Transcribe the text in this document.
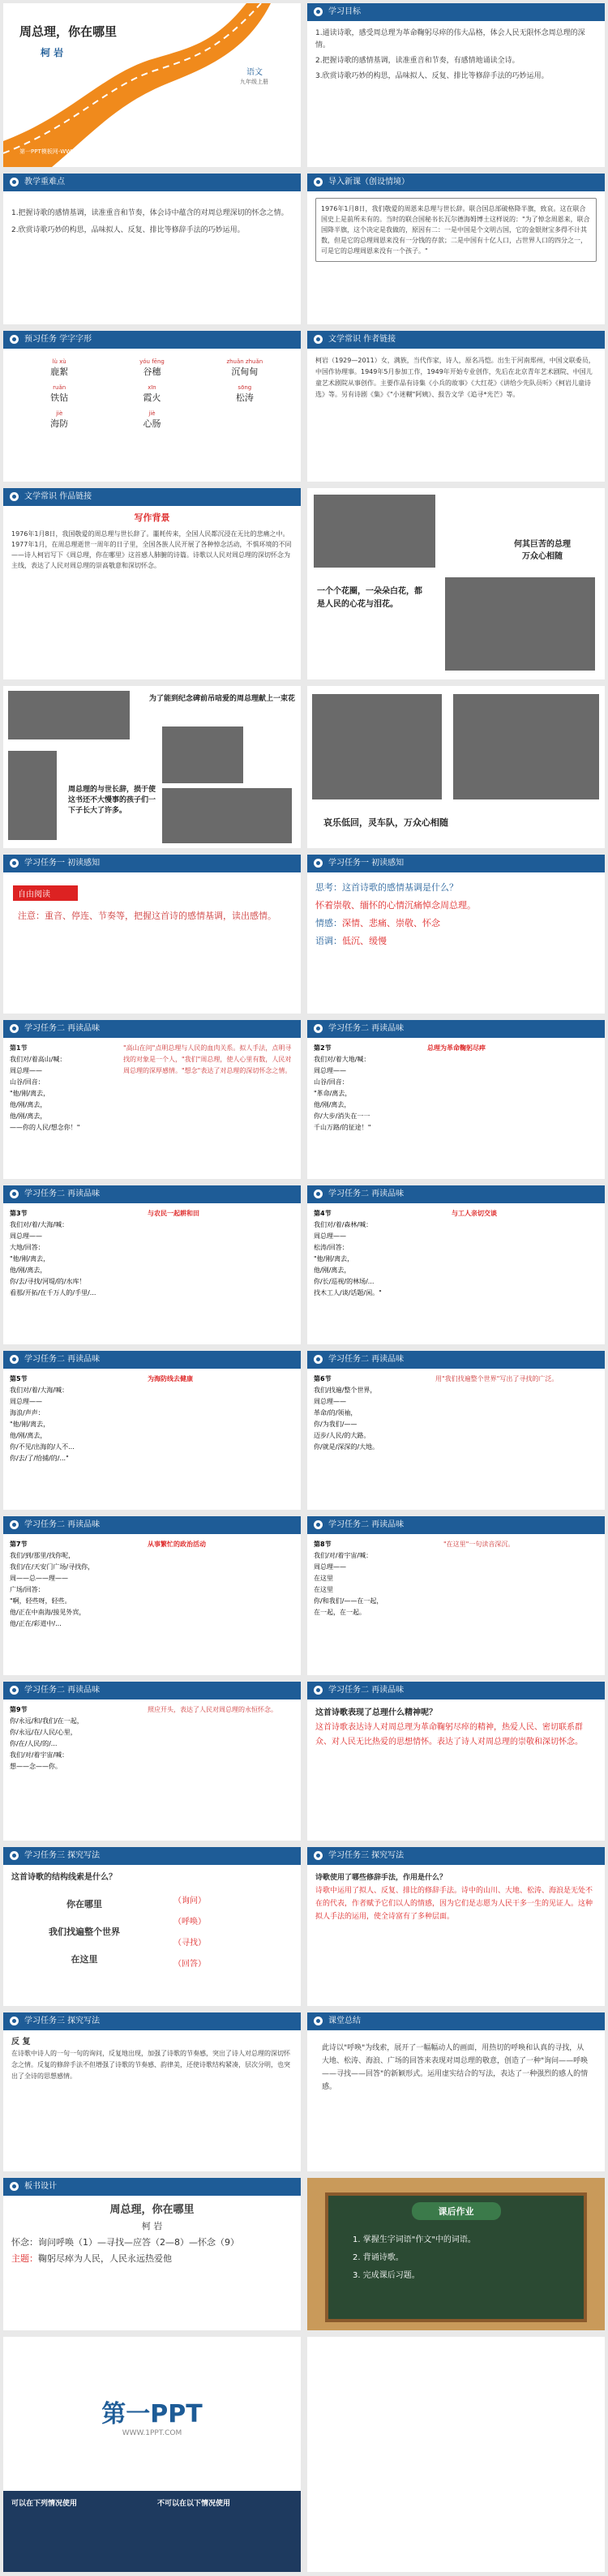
周总理，你在哪里
柯 岩
语文
九年级上册
第一PPT模板网-WWW.1PPT.COM
学习目标

1.通读诗歌，感受周总理为革命鞠躬尽瘁的伟大品格，体会人民无限怀念周总理的深情。

2.把握诗歌的感情基调，读准重音和节奏，有感情地诵读全诗。

3.欣赏诗歌巧妙的构思，品味拟人、反复、排比等修辞手法的巧妙运用。

教学重难点

1.把握诗歌的感情基调，读准重音和节奏，体会诗中蕴含的对周总理深切的怀念之情。

2.欣赏诗歌巧妙的构思，品味拟人、反复、排比等修辞手法的巧妙运用。

导入新课（创设情境）

1976年1月8日，我们敬爱的周恩来总理与世长辞。联合国总部破格降半旗，致哀。这在联合国史上是前所未有的。当时的联合国秘书长瓦尔德海姆博士这样说的："为了悼念周恩来，联合国降半旗，这个决定是我做的，原因有二：一是中国是个文明古国，它的金银财宝多得不计其数，但是它的总理周恩来没有一分钱的存款；二是中国有十亿人口，占世界人口的四分之一，可是它的总理周恩来没有一个孩子。"

预习任务 学字字形
lù xù
鹿絮
yóu fēng
谷穗
zhuǎn zhuǎn
沉甸甸
ruǎn
铁钻
xīn
霞火
sōng
松涛
jiè
海防
jiè
心肠
文学常识 作者链接

柯岩（1929—2011）女，满族，当代作家，诗人，原名冯恺。出生于河南郑州，中国文联委员，中国作协理事。1949年5月参加工作，1949年开始专业创作，先后在北京青年艺术剧院、中国儿童艺术剧院从事创作。主要作品有诗集《小兵的故事》《大红花》《讲给少先队员听》《柯岩儿童诗选》等。另有诗剧《集》《"小迷糊"阿姨》、报告文学《追寻*光芒》等。

文学常识 作品链接
写作背景
1976年1月8日，我国敬爱的周总理与世长辞了。噩耗传来，全国人民都沉浸在无比的悲痛之中。1977年1月，在周总理逝世一周年的日子里，全国各族人民开展了各种悼念活动，不惧环境的不同——诗人柯岩写下《周总理，你在哪里》这首感人肺腑的诗篇。诗歌以人民对周总理的深切怀念为主线，表达了人民对周总理的崇高敬意和深切怀念。
何其巨苦的总理
万众心相随
一个个花圈，一朵朵白花，都是人民的心花与泪花。
为了能到纪念碑前吊唁爱的周总理献上一束花
周总理的与世长辞，损于使这书还不大慢事的孩子们一下子长大了许多。
哀乐低回，灵车队，万众心相随
学习任务一 初读感知
自由阅读
注意：重音、停连、节奏等，把握这首诗的感情基调，读出感情。
学习任务一 初读感知

思考：这首诗歌的感情基调是什么？

怀着崇敬、缅怀的心情沉痛悼念周总理。

情感：深情、悲痛、崇敬、怀念

语调：低沉、缓慢

学习任务二 再读品味
第1节
我们对/着高山/喊：
周总理——
山谷/回音：
"他/刚/离去，
他/刚/离去，
他/刚/离去，
——你的人民/想念你！"
"高山在问"点明总理与人民的血肉关系。拟人手法，点明寻找的对象是一个人，"我们"周总理，使人心里有数，人民对周总理的深厚感情。"想念"表达了对总理的深切怀念之情。
学习任务二 再读品味
第2节
我们对/着大地/喊：
周总理——
山谷/回音：
"革命/离去，
他/刚/离去，
你/大步/消失在一一
千山万路/的征途！"
总理为革命鞠躬尽瘁
学习任务二 再读品味
第3节
我们对/着/大海/喊：
周总理——
大地/回答：
"他/刚/离去，
他/刚/离去，
你/去/寻找/河堤/的/水库！
看那/开拓/在千万人的/手里/...
与农民一起耕和田
学习任务二 再读品味
第4节
我们对/着/森林/喊：
周总理——
松涛/回答：
"他/刚/离去，
他/刚/离去，
你/长/巡视/的林场/...
找木工人/谈/话题/闲。"
与工人亲切交谈
学习任务二 再读品味
第5节
我们对/着/大海/喊：
周总理——
海浪/声声：
"他/刚/离去，
他/刚/离去，
你/不见/出海的/人不...
你/去/了/给捕/的/..."
为海防线去健康
学习任务二 再读品味
第6节
我们/找遍/整个世界，
周总理——
革命/的/领袖，
你/为我们/——
迈步/人民/的大路。
你/就是/深深的/大地。
用"我们找遍整个世界"写出了寻找的广泛。
学习任务二 再读品味
第7节
我们/到/那里/找你呢，
我们/在/天安门广场/寻找你，
周——总——理——
广场/回答：
"啊，轻些呀，轻些。
他/正在中南海/接见外宾，
他/正在/彩道中/...
从事繁忙的政治活动
学习任务二 再读品味
第8节
我们/对/着宇宙/喊：
周总理——
在这里
在这里
你/和我们/——在一起，
在一起，在一起。
"在这里"一句读音深沉。
学习任务二 再读品味
第9节
你/永远/和/我们/在一起，
你/永远/在/人民/心里，
你/在/人民/的/...
我们/对/着宇宙/喊：
想——念——你。
照应开头，表达了人民对周总理的永恒怀念。
学习任务二 再读品味

这首诗歌表现了总理什么精神呢？

这首诗歌表达诗人对周总理为革命鞠躬尽瘁的精神，热爱人民、密切联系群众、对人民无比热爱的思想情怀。表达了诗人对周总理的崇敬和深切怀念。

学习任务三 探究写法

这首诗歌的结构线索是什么？

你在哪里
我们找遍整个世界
在这里
（询问）
（呼唤）
（寻找）
（回答）
学习任务三 探究写法

诗歌使用了哪些修辞手法，作用是什么？

诗歌中运用了拟人、反复、排比的修辞手法。诗中的山川、大地、松涛、海浪是无处不在的代表，作者赋予它们以人的情感，因为它们是志愿为人民干多一生的见证人。这种拟人手法的运用，使全诗富有了多种层面。

学习任务三 探究写法

反 复

在诗歌中诗人的一句一句的询问，反复地出现，加强了诗歌的节奏感，突出了诗人对总理的深切怀念之情。反复的修辞手法不但增强了诗歌的节奏感、韵律美，还使诗歌结构紧凑，层次分明，也突出了全诗的思想感情。

课堂总结

此诗以"呼唤"为线索，展开了一幅幅动人的画面，用热切的呼唤和认真的寻找，从大地、松涛、海浪、广场的回答来表现对周总理的敬意，创造了一种"询问——呼唤——寻找——回答"的新颖形式。运用虚实结合的写法，表达了一种强烈的感人的情感。

板书设计

周总理，你在哪里

柯 岩

怀念：询问呼唤（1）—寻找—应答（2—8）—怀念（9）

主题：鞠躬尽瘁为人民，人民永远热爱他

课后作业
1. 掌握生字词语"作文"中的词语。
2. 背诵诗歌。
3. 完成课后习题。
第一PPT
WWW.1PPT.COM
可以在下列情况使用	不可以在以下情况使用
